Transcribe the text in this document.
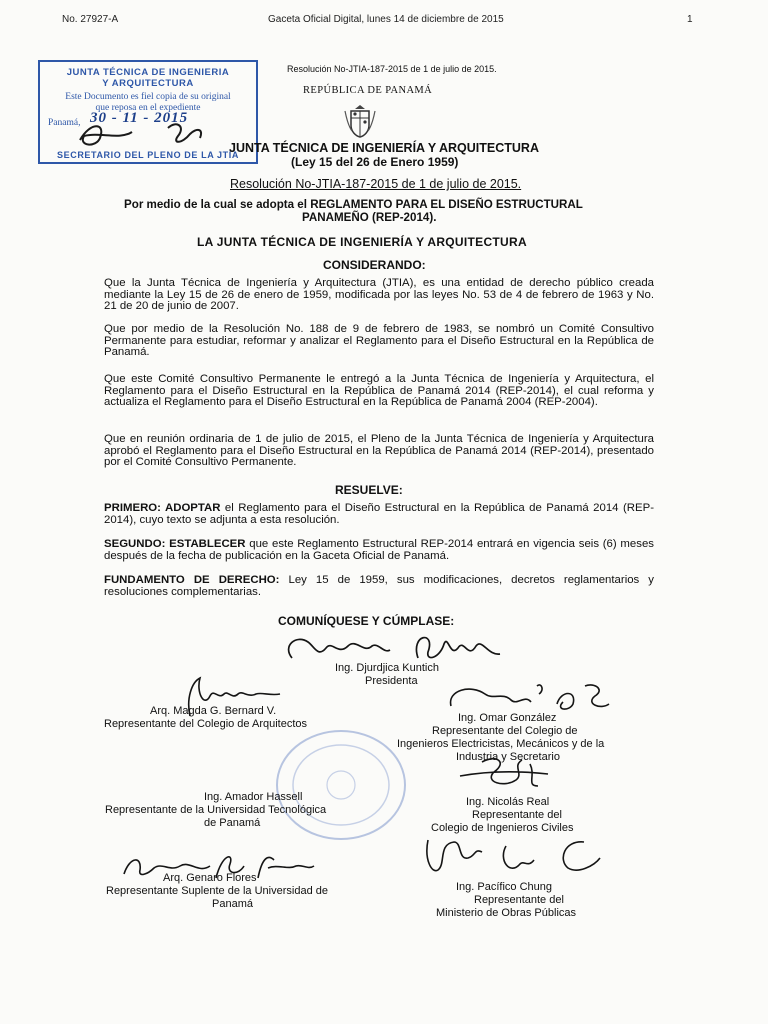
No. 27927-A	Gaceta Oficial Digital, lunes 14 de diciembre de 2015	1
JUNTA TÉCNICA DE INGENIERIA
Y ARQUITECTURA
Este Documento es fiel copia de su original
que reposa en el expediente
Panamá, 30 - 11 - 2015
SECRETARIO DEL PLENO DE LA JTIA
Resolución No-JTIA-187-2015 de 1 de julio de 2015.
REPÚBLICA DE PANAMÁ
JUNTA TÉCNICA DE INGENIERÍA Y ARQUITECTURA
(Ley 15 del 26 de Enero 1959)
Resolución No-JTIA-187-2015 de 1 de julio de 2015.
Por medio de la cual se adopta el REGLAMENTO PARA EL DISEÑO ESTRUCTURAL
PANAMEÑO (REP-2014).
LA JUNTA TÉCNICA DE INGENIERÍA Y ARQUITECTURA
CONSIDERANDO:
Que la Junta Técnica de Ingeniería y Arquitectura (JTIA), es una entidad de derecho público creada mediante la Ley 15 de 26 de enero de 1959, modificada por las leyes No. 53 de 4 de febrero de 1963 y No. 21 de 20 de junio de 2007.
Que por medio de la Resolución No. 188 de 9 de febrero de 1983, se nombró un Comité Consultivo Permanente para estudiar, reformar y analizar el Reglamento para el Diseño Estructural en la República de Panamá.
Que este Comité Consultivo Permanente le entregó a la Junta Técnica de Ingeniería y Arquitectura, el Reglamento para el Diseño Estructural en la República de Panamá 2014 (REP-2014), el cual reforma y actualiza el Reglamento para el Diseño Estructural en la República de Panamá 2004 (REP-2004).
Que en reunión ordinaria de 1 de julio de 2015, el Pleno de la Junta Técnica de Ingeniería y Arquitectura aprobó el Reglamento para el Diseño Estructural en la República de Panamá 2014 (REP-2014), presentado por el Comité Consultivo Permanente.
RESUELVE:
PRIMERO: ADOPTAR el Reglamento para el Diseño Estructural en la República de Panamá 2014 (REP-2014), cuyo texto se adjunta a esta resolución.
SEGUNDO: ESTABLECER que este Reglamento Estructural REP-2014 entrará en vigencia seis (6) meses después de la fecha de publicación en la Gaceta Oficial de Panamá.
FUNDAMENTO DE DERECHO: Ley 15 de 1959, sus modificaciones, decretos reglamentarios y resoluciones complementarias.
COMUNÍQUESE Y CÚMPLASE:
Ing. Djurdjica Kuntich
Presidenta
Arq. Magda G. Bernard V.
Representante del Colegio de Arquitectos	Ing. Omar González
Representante del Colegio de
Ingenieros Electricistas, Mecánicos y de la
Industria y Secretario
Ing. Amador Hassell
Representante de la Universidad Tecnológica
de Panamá
Ing. Nicolás Real
Representante del
Colegio de Ingenieros Civiles
Arq. Genaro Flores
Representante Suplente de la Universidad de
Panamá
Ing. Pacífico Chung
Representante del
Ministerio de Obras Públicas
